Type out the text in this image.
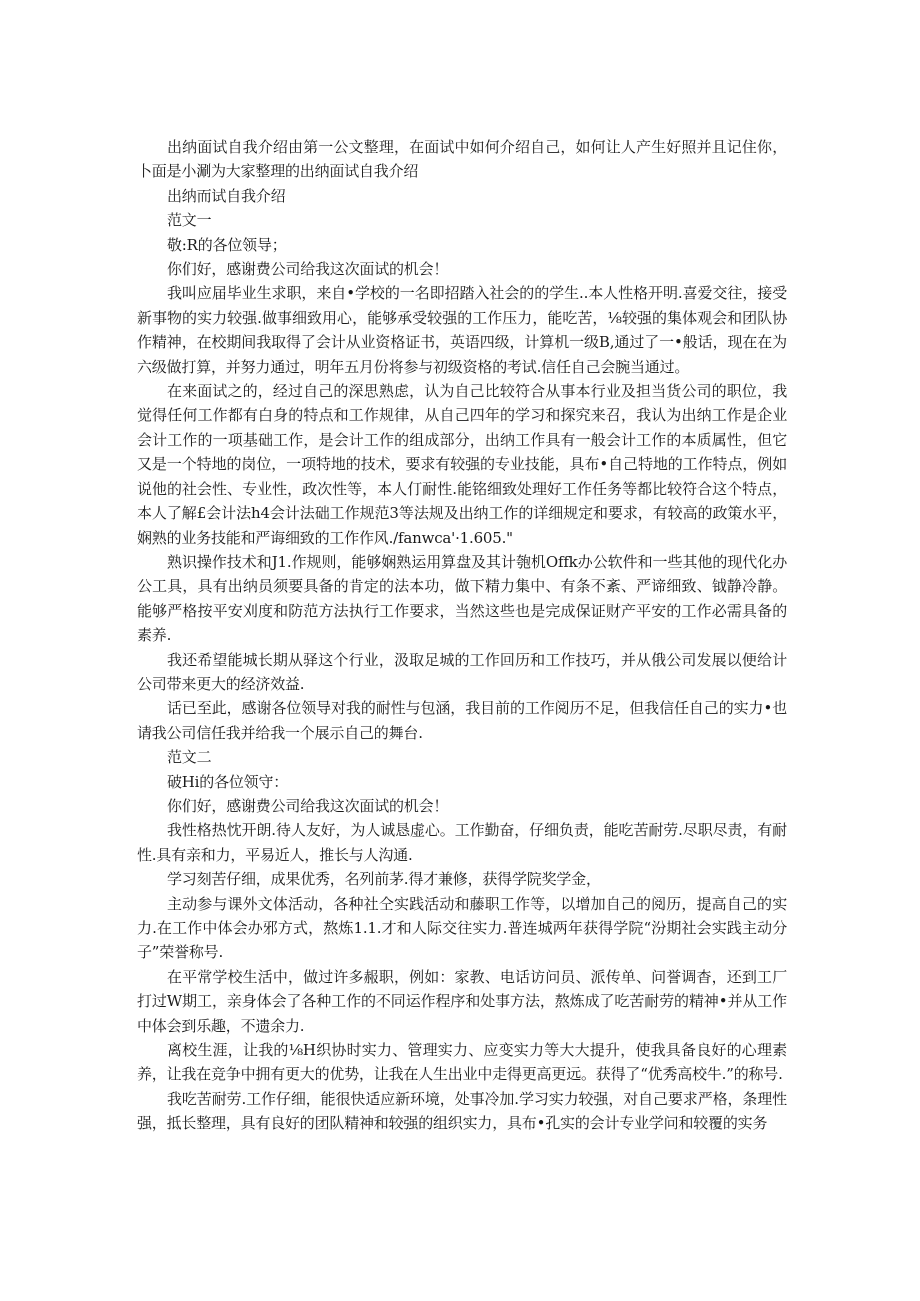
出纳面试自我介绍由第一公文整理，在面试中如何介绍自己，如何让人产生好照并且记住你，卜面是小涮为大家整理的出纳面试自我介绍

出纳而试自我介绍

范文一

敬:R的各位领导；

你们好，感谢费公司给我这次面试的机会！

我叫应届毕业生求职，来自•学校的一名即招踏入社会的的学生..本人性格开明.喜爱交往，接受新事物的实力较强.做事细致用心，能够承受较强的工作压力，能吃苦，⅛较强的集体观会和团队协作精神，在校期间我取得了会计从业资格证书，英语四级，计算机一级B,通过了一•般话，现在在为六级做打算，并努力通过，明年五月份将参与初级资格的考试.信任自己会腕当通过。

在来面试之的，经过自己的深思熟虑，认为自己比较符合从事本行业及担当货公司的职位，我觉得任何工作都有白身的特点和工作规律，从自己四年的学习和探究来召，我认为出纳工作是企业会计工作的一项基础工作，是会计工作的组成部分，出纳工作具有一般会计工作的本质属性，但它又是一个特地的岗位，一项特地的技术，要求有较强的专业技能，具布•自己特地的工作特点，例如说他的社会性、专业性，政次性等，本人仃耐性.能铭细致处理好工作任务等都比较符合这个特点，本人了解£会计法h4会计法础工作规范3等法规及出纳工作的详细规定和要求，有较高的政策水平，娴熟的业务技能和严诲细致的工作作风./fanwca'·1.605."

熟识操作技术和J1.作规则，能够娴熟运用算盘及其计匏机Offk办公软件和一些其他的现代化办公工具，具有出纳员须要具备的肯定的法本功，做下精力集中、有条不紊、严谛细致、钺静冷静。能够严格按平安刈度和防范方法执行工作要求，当然这些也是完成保证财产平安的工作必需具备的素养.

我还希望能城长期从驿这个行业，汲取足城的工作回历和工作技巧，并从俄公司发展以便给计公司带来更大的经济效益.

话已至此，感谢各位领导对我的耐性与包涵，我目前的工作阅历不足，但我信任自己的实力•也请我公司信任我并给我一个展示自己的舞台.

范文二

破Hi的各位领守：

你们好，感谢费公司给我这次面试的机会！

我性格热忱开朗.待人友好，为人诚恳虚心。工作勤奋，仔细负责，能吃苦耐劳.尽职尽责，有耐性.具有亲和力，平易近人，推长与人沟通.

学习刻苦仔细，成果优秀，名列前茅.得才兼修，获得学院奖学金，

主动参与课外文体活动，各种社仝实践活动和藤职工作等，以增加自己的阅历，提高自己的实力.在工作中体会办邪方式，熬炼1.1.才和人际交往实力.普连城两年获得学院“汾期社会实践主动分子”荣誉称号.

在平常学校生活中，做过许多赧职，例如：家教、电话访问员、派传单、问誉调杳，还到工厂打过W期工，亲身体会了各种工作的不同运作程序和处事方法，熬炼成了吃苦耐劳的精神•并从工作中体会到乐趣，不遗余力.

离校生涯，让我的⅛H织协时实力、管理实力、应变实力等大大提升，使我具备良好的心理素养，让我在竞争中拥有更大的优势，让我在人生出业中走得更高更远。获得了“优秀高校牛.”的称号.

我吃苦耐劳.工作仔细，能很快适应新环境，处事冷加.学习实力较强，对自己要求严格，条理性强，抵长整理，具有良好的团队精神和较强的组织实力，具布•孔实的会计专业学问和较覆的实务
